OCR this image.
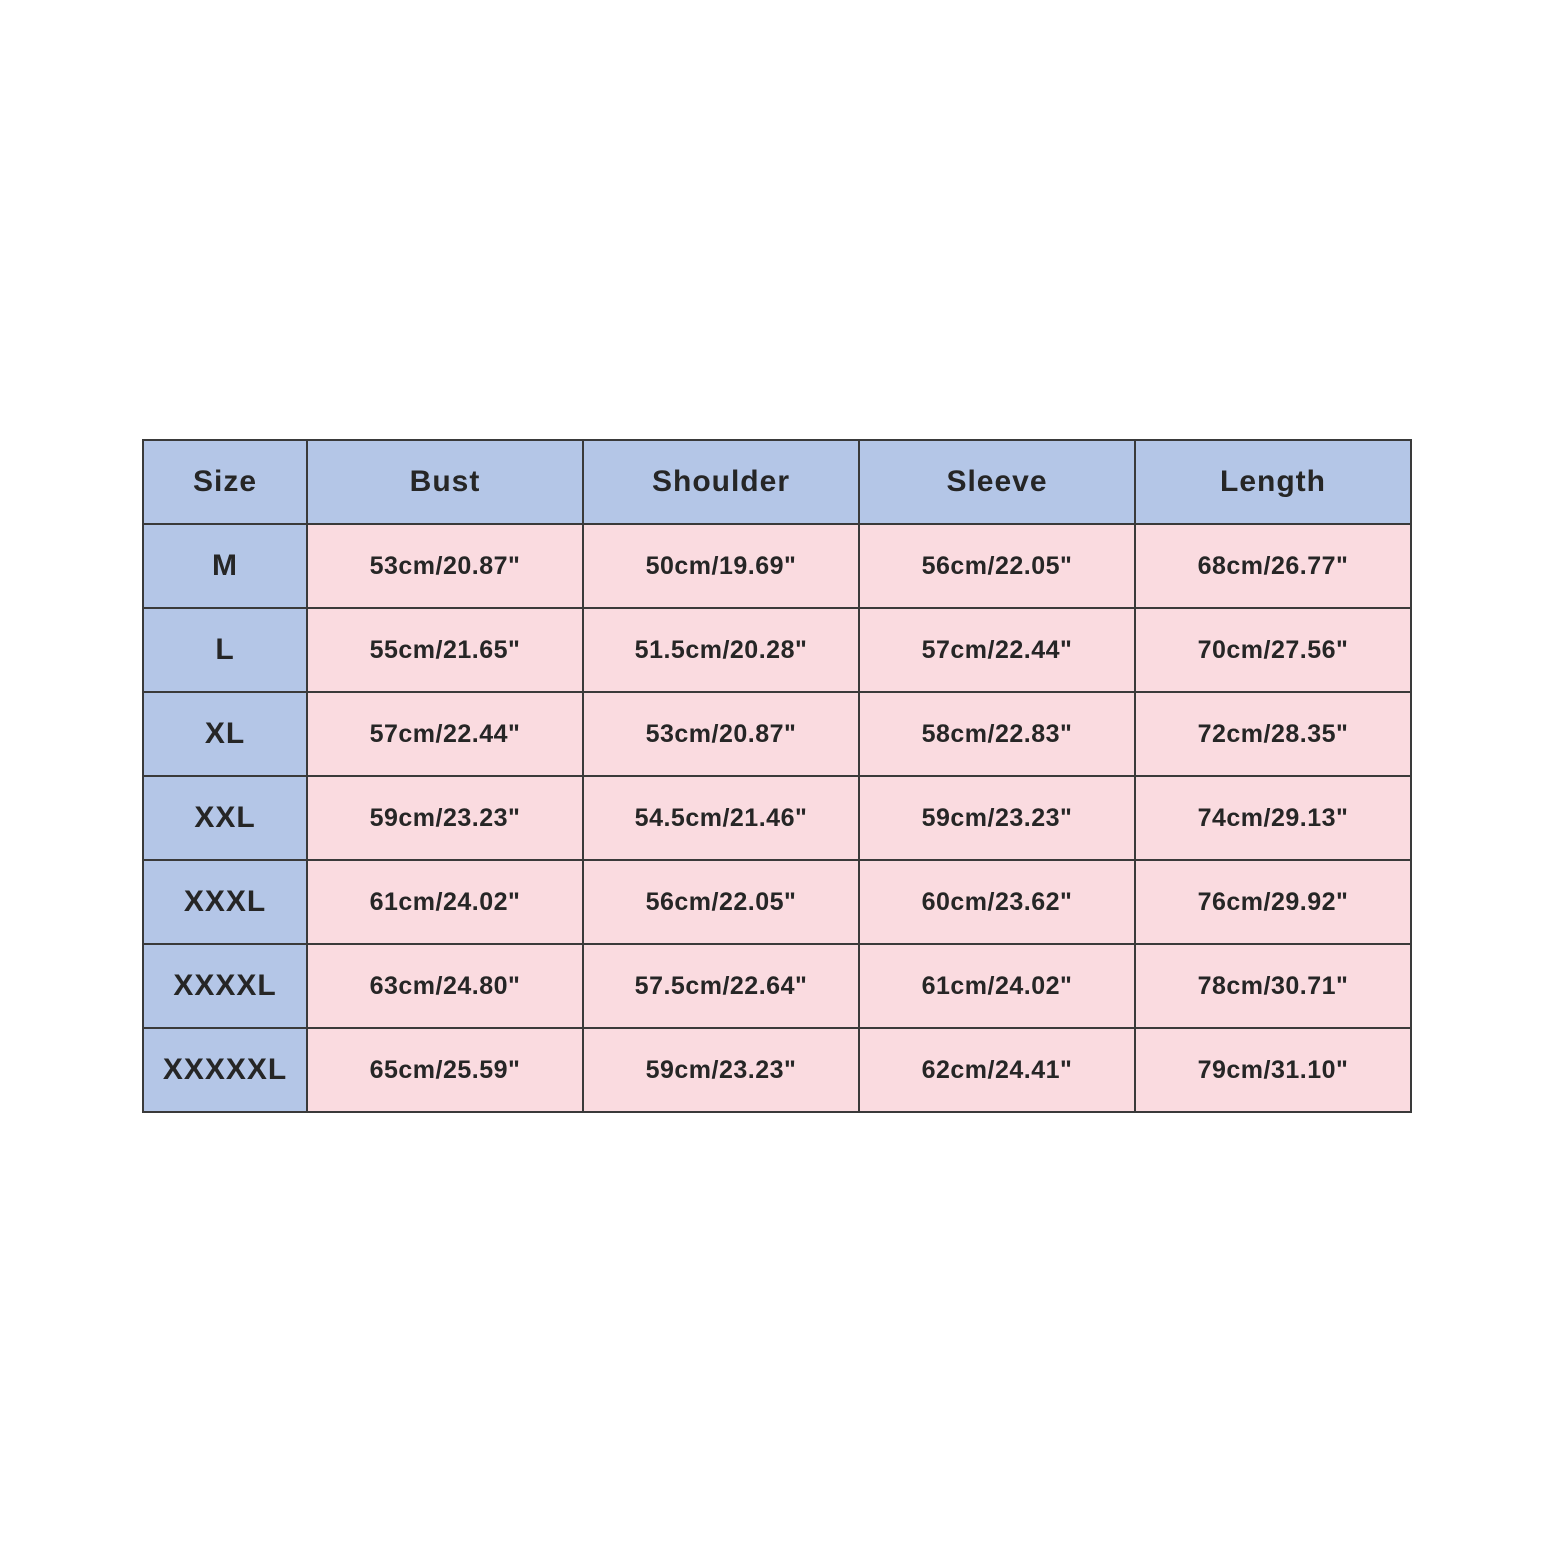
Size	Bust	Shoulder	Sleeve	Length
M	53cm/20.87"	50cm/19.69"	56cm/22.05"	68cm/26.77"
L	55cm/21.65"	51.5cm/20.28"	57cm/22.44"	70cm/27.56"
XL	57cm/22.44"	53cm/20.87"	58cm/22.83"	72cm/28.35"
XXL	59cm/23.23"	54.5cm/21.46"	59cm/23.23"	74cm/29.13"
XXXL	61cm/24.02"	56cm/22.05"	60cm/23.62"	76cm/29.92"
XXXXL	63cm/24.80"	57.5cm/22.64"	61cm/24.02"	78cm/30.71"
XXXXXL	65cm/25.59"	59cm/23.23"	62cm/24.41"	79cm/31.10"
